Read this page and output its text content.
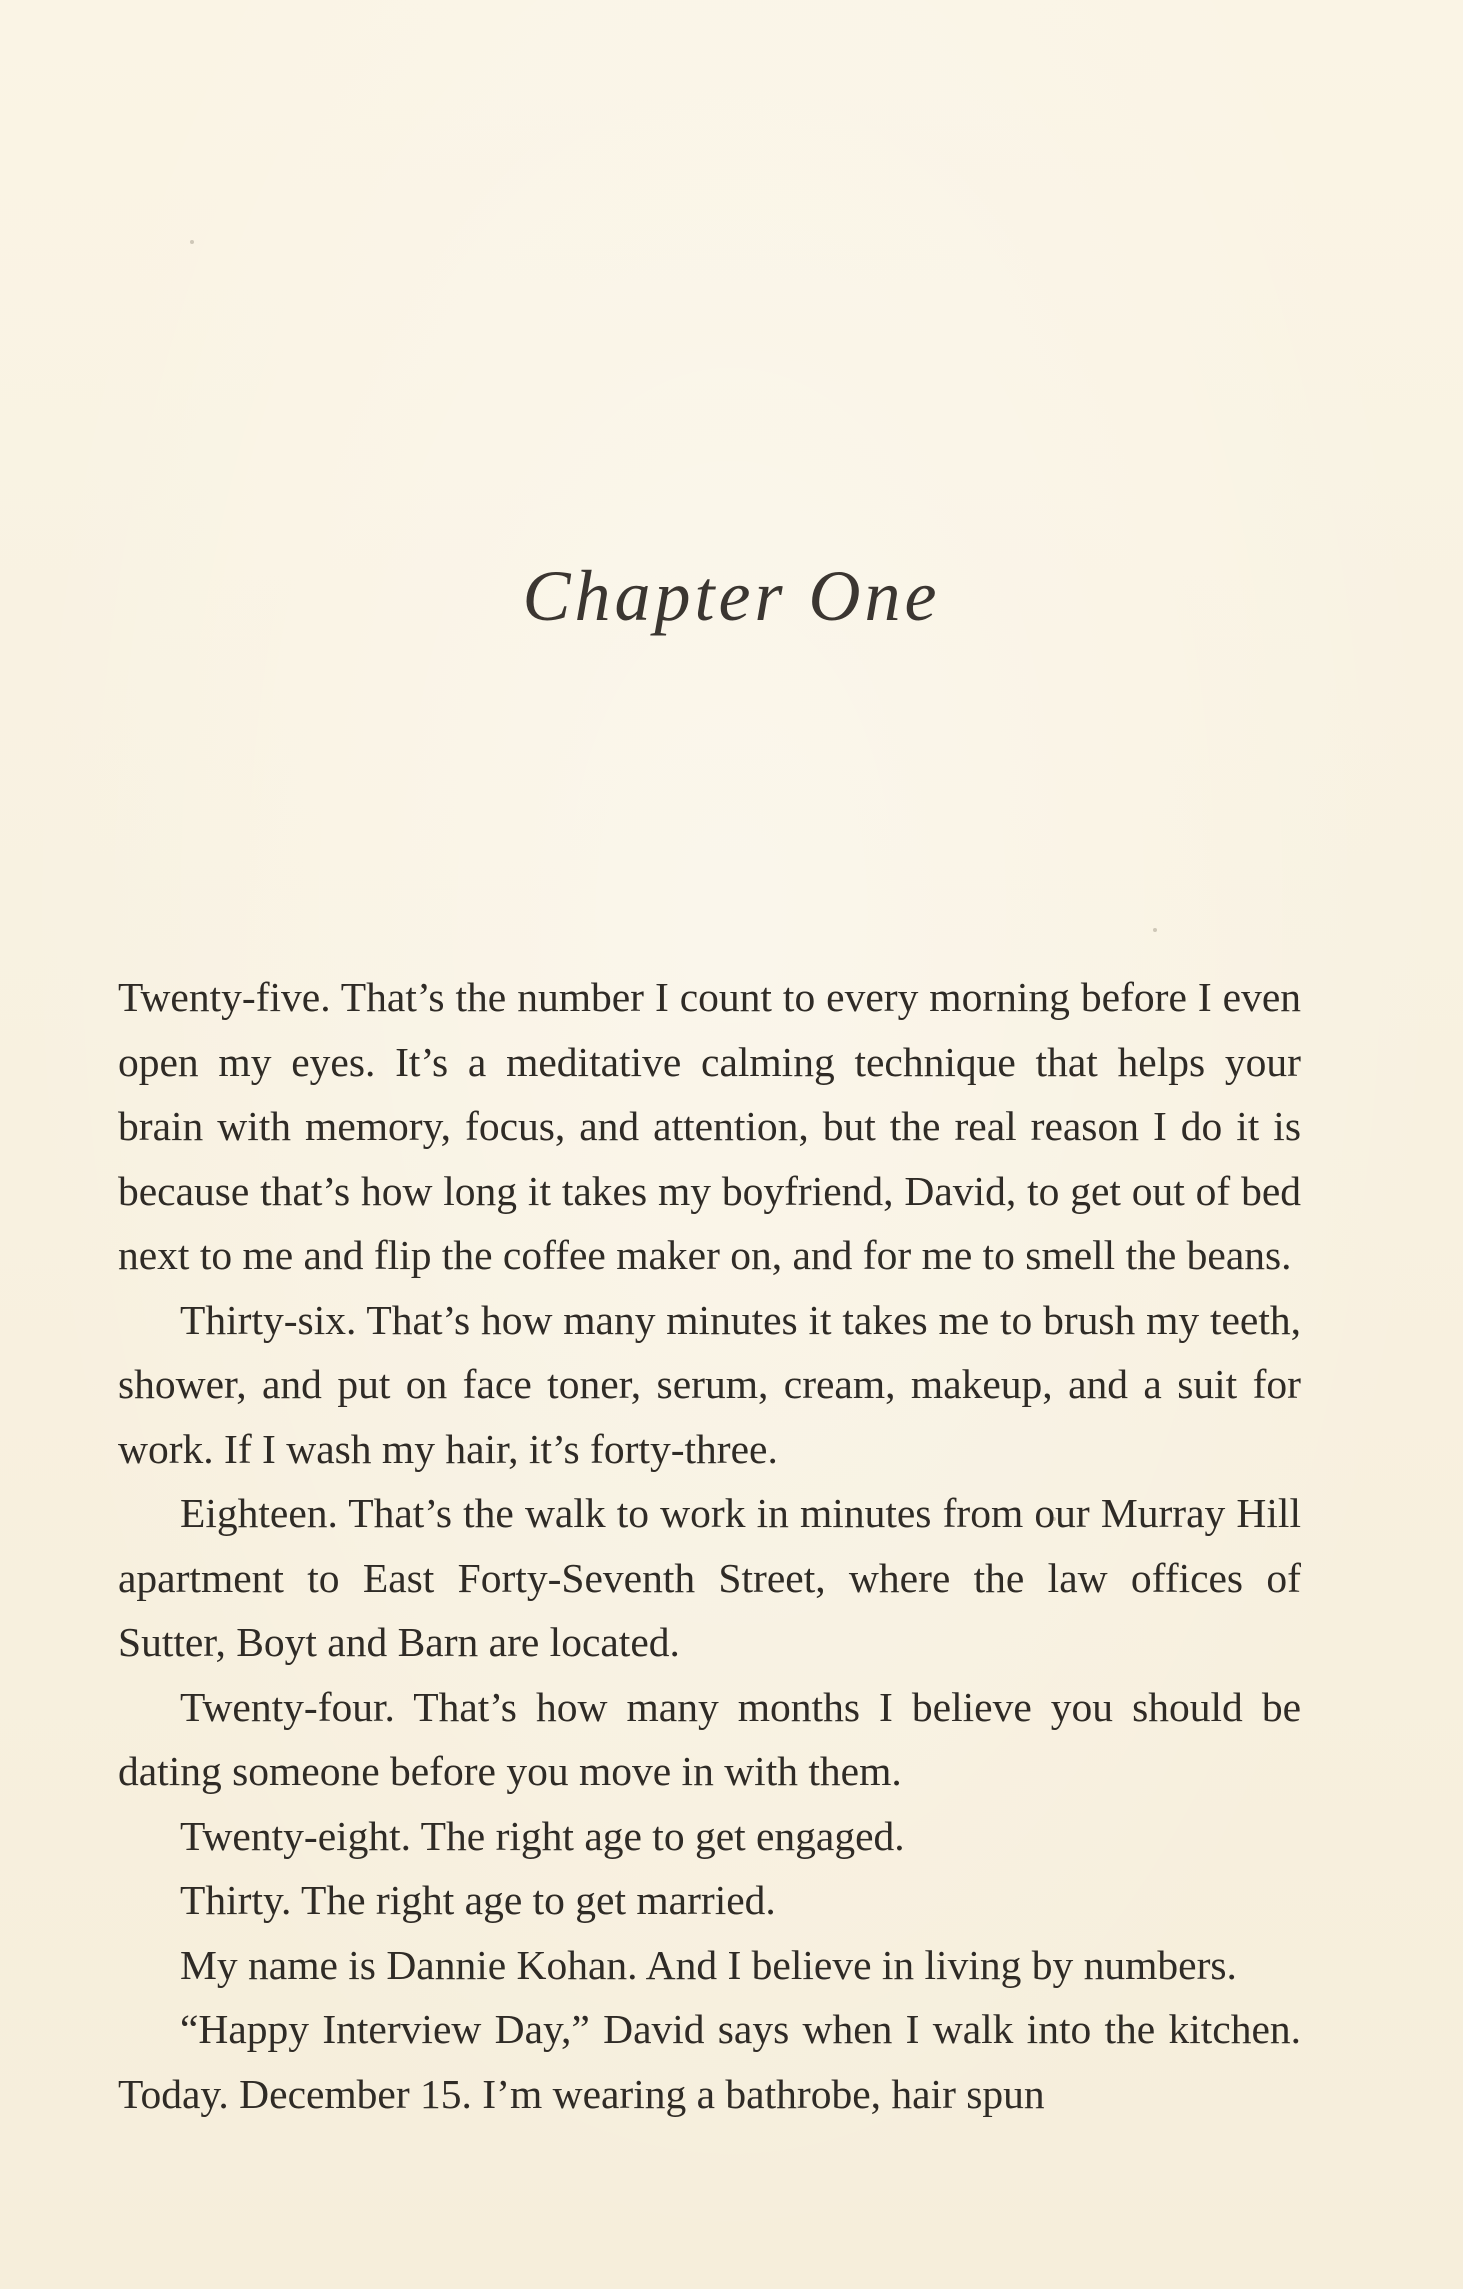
Chapter One

Twenty-five. That’s the number I count to every morning before I even open my eyes. It’s a meditative calming technique that helps your brain with memory, focus, and attention, but the real reason I do it is because that’s how long it takes my boyfriend, David, to get out of bed next to me and flip the coffee maker on, and for me to smell the beans.

Thirty-six. That’s how many minutes it takes me to brush my teeth, shower, and put on face toner, serum, cream, makeup, and a suit for work. If I wash my hair, it’s forty-three.

Eighteen. That’s the walk to work in minutes from our Murray Hill apartment to East Forty-Seventh Street, where the law offices of Sutter, Boyt and Barn are located.

Twenty-four. That’s how many months I believe you should be dating someone before you move in with them.

Twenty-eight. The right age to get engaged.

Thirty. The right age to get married.

My name is Dannie Kohan. And I believe in living by numbers.

“Happy Interview Day,” David says when I walk into the kitchen. Today. December 15. I’m wearing a bathrobe, hair spun
